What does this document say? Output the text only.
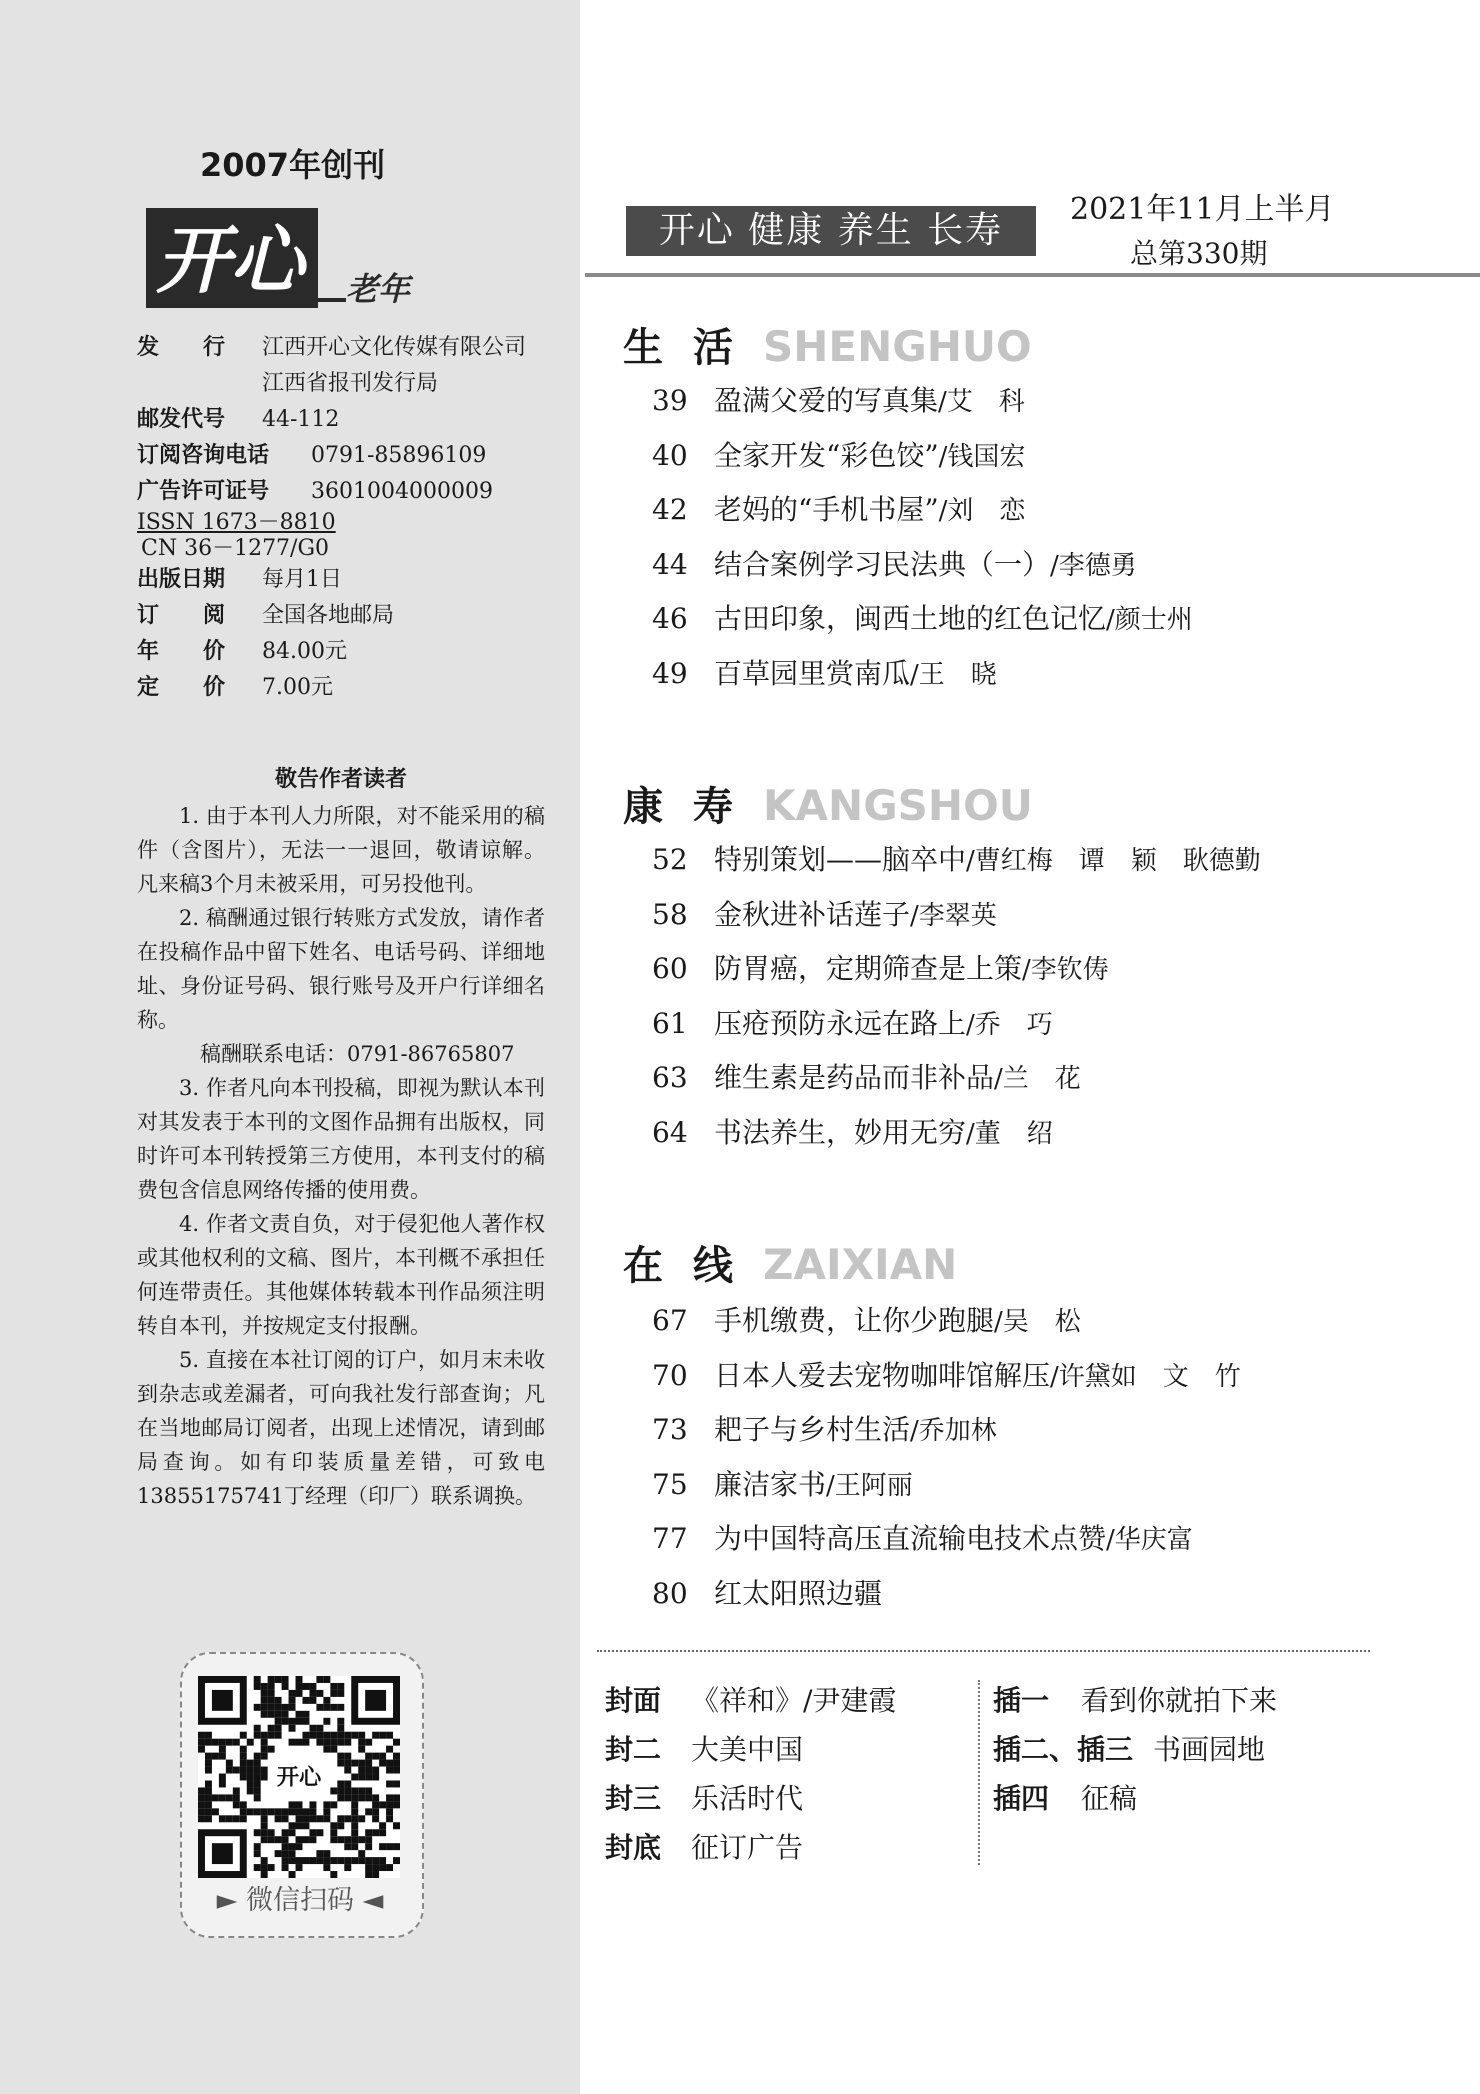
2007年创刊
开心 老年
发　　行	江西开心文化传媒有限公司
江西省报刊发行局
邮发代号	44-112
订阅咨询电话	0791-85896109
广告许可证号	3601004000009
ISSN 1673－8810
CN 36－1277/G0
出版日期	每月1日
订　　阅	全国各地邮局
年　　价	84.00元
定　　价	7.00元
敬告作者读者

1. 由于本刊人力所限，对不能采用的稿件（含图片），无法一一退回，敬请谅解。凡来稿3个月未被采用，可另投他刊。

2. 稿酬通过银行转账方式发放，请作者在投稿作品中留下姓名、电话号码、详细地址、身份证号码、银行账号及开户行详细名称。

稿酬联系电话：0791-86765807

3. 作者凡向本刊投稿，即视为默认本刊对其发表于本刊的文图作品拥有出版权，同时许可本刊转授第三方使用，本刊支付的稿费包含信息网络传播的使用费。

4. 作者文责自负，对于侵犯他人著作权或其他权利的文稿、图片，本刊概不承担任何连带责任。其他媒体转载本刊作品须注明转自本刊，并按规定支付报酬。

5. 直接在本社订阅的订户，如月末未收到杂志或差漏者，可向我社发行部查询；凡在当地邮局订阅者，出现上述情况，请到邮局查询。如有印装质量差错，可致电13855175741丁经理（印厂）联系调换。

开心
► 微信扫码 ◄
开心 健康 养生 长寿
2021年11月上半月
总第330期
生活SHENGHUO
39 盈满父爱的写真集/艾　科
40 全家开发“彩色饺”/钱国宏
42 老妈的“手机书屋”/刘　恋
44 结合案例学习民法典（一）/李德勇
46 古田印象，闽西土地的红色记忆/颜士州
49 百草园里赏南瓜/王　晓
康寿KANGSHOU
52 特别策划——脑卒中/曹红梅　谭　颖　耿德勤
58 金秋进补话莲子/李翠英
60 防胃癌，定期筛查是上策/李钦俦
61 压疮预防永远在路上/乔　巧
63 维生素是药品而非补品/兰　花
64 书法养生，妙用无穷/董　绍
在线ZAIXIAN
67 手机缴费，让你少跑腿/吴　松
70 日本人爱去宠物咖啡馆解压/许黛如　文　竹
73 耙子与乡村生活/乔加林
75 廉洁家书/王阿丽
77 为中国特高压直流输电技术点赞/华庆富
80 红太阳照边疆
封面 《祥和》/尹建霞
封二 大美中国
封三 乐活时代
封底 征订广告
插一 看到你就拍下来
插二、插三 书画园地
插四 征稿
